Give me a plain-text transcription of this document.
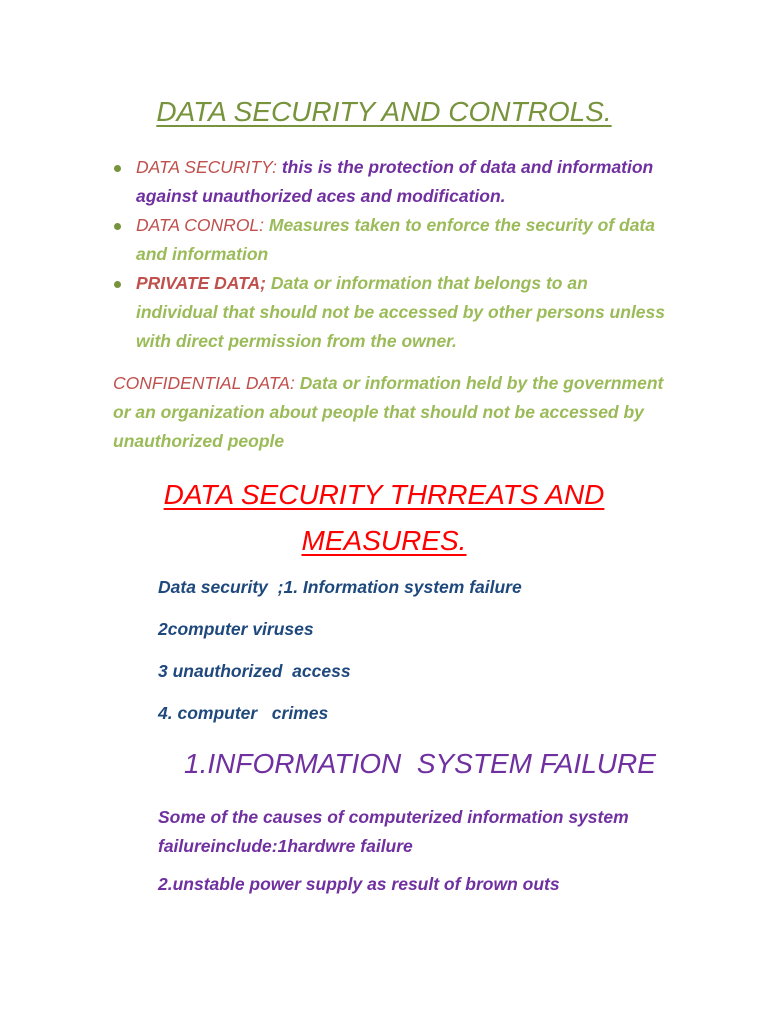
DATA SECURITY AND CONTROLS.
DATA SECURITY: this is the protection of data and information against unauthorized aces and modification.
DATA CONROL: Measures taken to enforce the security of data and information
PRIVATE DATA; Data or information that belongs to an individual that should not be accessed by other persons unless with direct permission from the owner.

CONFIDENTIAL DATA: Data or information held by the government or an organization about people that should not be accessed by unauthorized people

DATA SECURITY THRREATS AND
MEASURES.

Data security  ;1. Information system failure

2computer viruses

3 unauthorized  access

4. computer   crimes

1.INFORMATION  SYSTEM FAILURE

Some of the causes of computerized information system failureinclude:1hardwre failure

2.unstable power supply as result of brown outs
